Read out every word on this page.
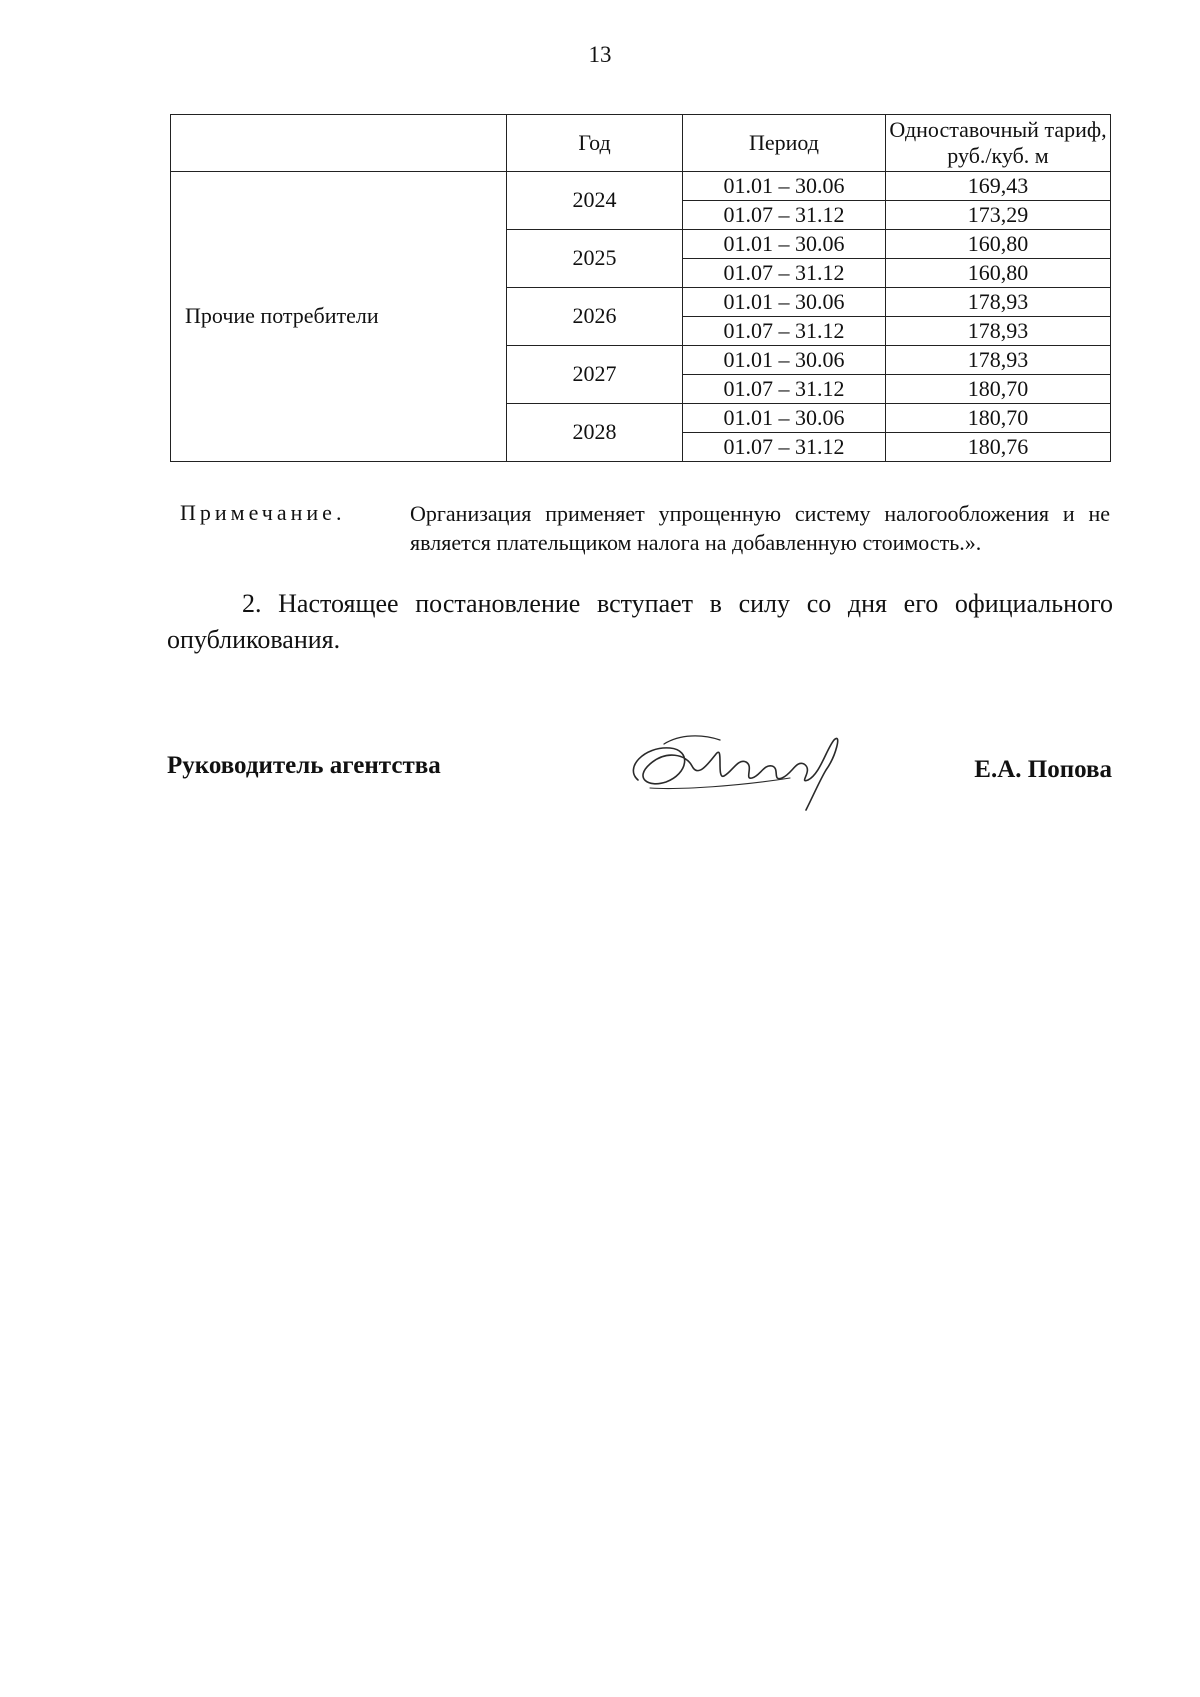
13
	Год	Период	Одноставочный тариф, руб./куб. м
Прочие потребители	2024	01.01 – 30.06	169,43
		01.07 – 31.12	173,29
	2025	01.01 – 30.06	160,80
		01.07 – 31.12	160,80
	2026	01.01 – 30.06	178,93
		01.07 – 31.12	178,93
	2027	01.01 – 30.06	178,93
		01.07 – 31.12	180,70
	2028	01.01 – 30.06	180,70
		01.07 – 31.12	180,76
Примечание.	Организация применяет упрощенную систему налогообложения и не является плательщиком налога на добавленную стоимость.».
2. Настоящее постановление вступает в силу со дня его официального опубликования.
Руководитель агентства	Е.А. Попова
